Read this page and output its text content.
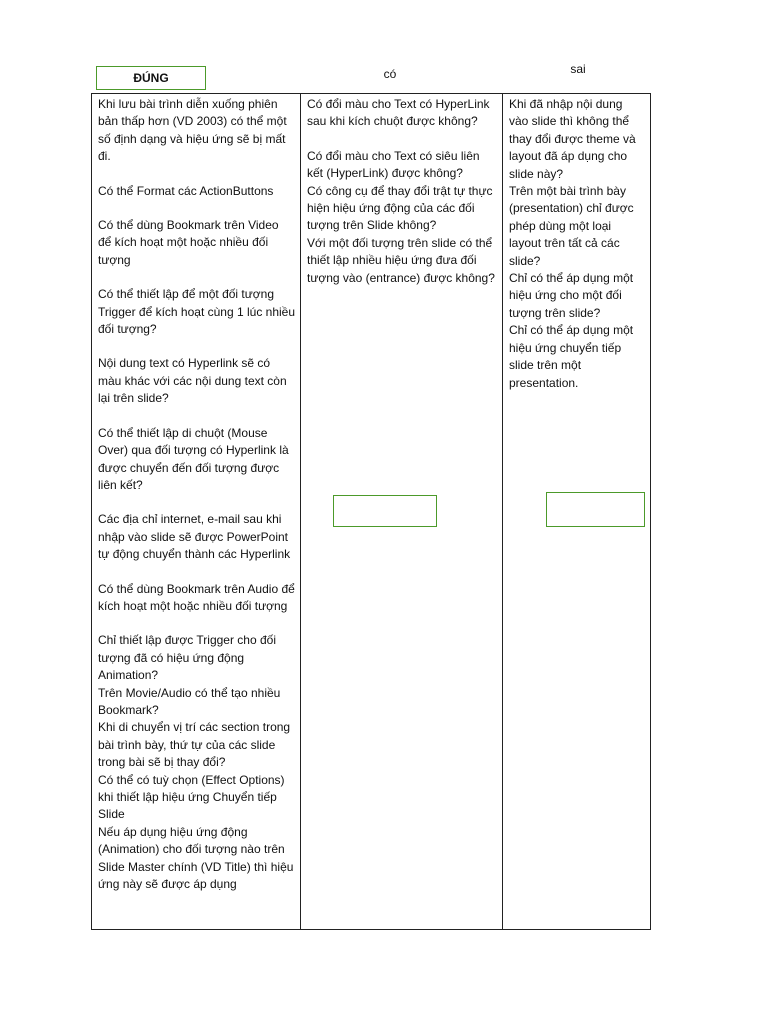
ĐÚNG	có	sai
Khi lưu bài trình diễn xuống phiên bản thấp hơn (VD 2003) có thể một số định dạng và hiệu ứng sẽ bị mất đi.
Có thể Format các ActionButtons
Có thể dùng Bookmark trên Video để kích hoạt một hoặc nhiều đối tượng
Có thể thiết lập để một đối tượng Trigger để kích hoạt cùng 1 lúc nhiều đối tượng?
Nội dung text có Hyperlink sẽ có màu khác với các nội dung text còn lại trên slide?
Có thể thiết lập di chuột (Mouse Over) qua đối tượng có Hyperlink là được chuyển đến đối tượng được liên kết?
Các địa chỉ internet, e-mail sau khi nhập vào slide sẽ được PowerPoint tự động chuyển thành các Hyperlink
Có thể dùng Bookmark trên Audio để kích hoạt một hoặc nhiều đối tượng
Chỉ thiết lập được Trigger cho đối tượng đã có hiệu ứng động Animation?
Trên Movie/Audio có thể tạo nhiều Bookmark?
Khi di chuyển vị trí các section trong bài trình bày, thứ tự của các slide trong bài sẽ bị thay đổi?
Có thể có tuỳ chọn (Effect Options) khi thiết lập hiệu ứng Chuyển tiếp Slide
Nếu áp dụng hiệu ứng động (Animation) cho đối tượng nào trên Slide Master chính (VD Title) thì hiệu ứng này sẽ được áp dụng

Có đổi màu cho Text có HyperLink sau khi kích chuột được không?
Có đổi màu cho Text có siêu liên kết (HyperLink) được không?
Có công cụ để thay đổi trật tự thực hiện hiệu ứng động của các đối tượng trên Slide không?
Với một đối tượng trên slide có thể thiết lập nhiều hiệu ứng đưa đối tượng vào (entrance) được không?

Khi đã nhập nội dung vào slide thì không thể thay đổi được theme và layout đã áp dụng cho slide này?
Trên một bài trình bày (presentation) chỉ được phép dùng một loại layout trên tất cả các slide?
Chỉ có thể áp dụng một hiệu ứng cho một đối tượng trên slide?
Chỉ có thể áp dụng một hiệu ứng chuyển tiếp slide trên một presentation.
